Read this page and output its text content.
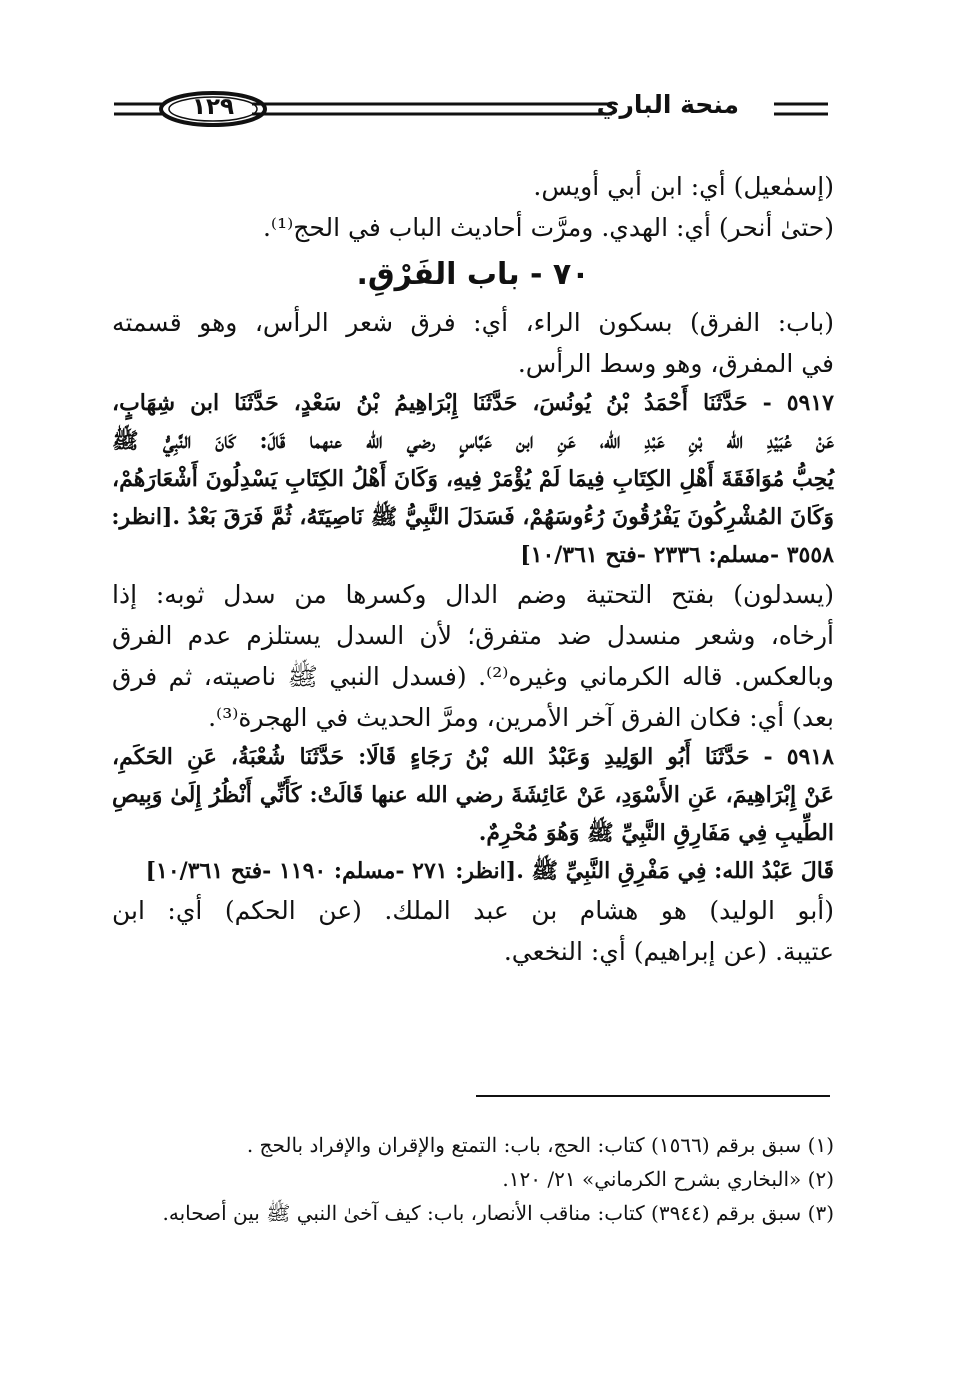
منحة الباري
١٢٩
(إسمٰعيل) أي: ابن أبي أويس.
(حتىٰ أنحر) أي: الهدي. ومرَّت أحاديث الباب في الحج⁽¹⁾.
٧٠ - باب الفَرْقِ.
(باب: الفرق) بسكون الراء، أي: فرق شعر الرأس، وهو قسمته
في المفرق، وهو وسط الرأس.
٥٩١٧ - حَدَّثَنَا أَحْمَدُ بْنُ يُونُسَ، حَدَّثَنَا إِبْرَاهِيمُ بْنُ سَعْدٍ، حَدَّثَنَا ابن شِهَابٍ،
عَنْ عُبَيْدِ الله بْنِ عَبْدِ الله، عَنِ ابن عَبَّاسٍ رضي الله عنهما قَالَ: كَانَ النَّبِيُّ ﷺ
يُحِبُّ مُوَافَقَةَ أَهْلِ الكِتَابِ فِيمَا لَمْ يُؤْمَرْ فِيهِ، وَكَانَ أَهْلُ الكِتَابِ يَسْدِلُونَ أَشْعَارَهُمْ،
وَكَانَ المُشْرِكُونَ يَفْرُقُونَ رُءُوسَهُمْ، فَسَدَلَ النَّبِيُّ ﷺ نَاصِيَتَهُ، ثُمَّ فَرَقَ بَعْدُ .[انظر:
٣٥٥٨ -مسلم: ٢٣٣٦ -فتح ١٠/٣٦١]
(يسدلون) بفتح التحتية وضم الدال وكسرها من سدل ثوبه: إذا
أرخاه، وشعر منسدل ضد متفرق؛ لأن السدل يستلزم عدم الفرق
وبالعكس. قاله الكرماني وغيره⁽²⁾. (فسدل النبي ﷺ ناصيته، ثم فرق
بعد) أي: فكان الفرق آخر الأمرين، ومرَّ الحديث في الهجرة⁽³⁾.
٥٩١٨ - حَدَّثَنَا أَبُو الوَلِيدِ وَعَبْدُ الله بْنُ رَجَاءٍ قَالَا: حَدَّثَنَا شُعْبَةُ، عَنِ الحَكَمِ،
عَنْ إِبْرَاهِيمَ، عَنِ الأَسْوَدِ، عَنْ عَائِشَةَ رضي الله عنها قَالَتْ: كَأَنِّي أَنْظُرُ إِلَىٰ وَبِيصِ
الطِّيبِ فِي مَفَارِقِ النَّبِيِّ ﷺ وَهُوَ مُحْرِمٌ.
قَالَ عَبْدُ الله: فِي مَفْرِقِ النَّبِيِّ ﷺ .[انظر: ٢٧١ -مسلم: ١١٩٠ -فتح ١٠/٣٦١]
(أبو الوليد) هو هشام بن عبد الملك. (عن الحكم) أي: ابن
عتيبة. (عن إبراهيم) أي: النخعي.
(١) سبق برقم (١٥٦٦) كتاب: الحج، باب: التمتع والإقران والإفراد بالحج .
(٢) «البخاري بشرح الكرماني» ٢١/ ١٢٠.
(٣) سبق برقم (٣٩٤٤) كتاب: مناقب الأنصار، باب: كيف آخىٰ النبي ﷺ بين أصحابه.
